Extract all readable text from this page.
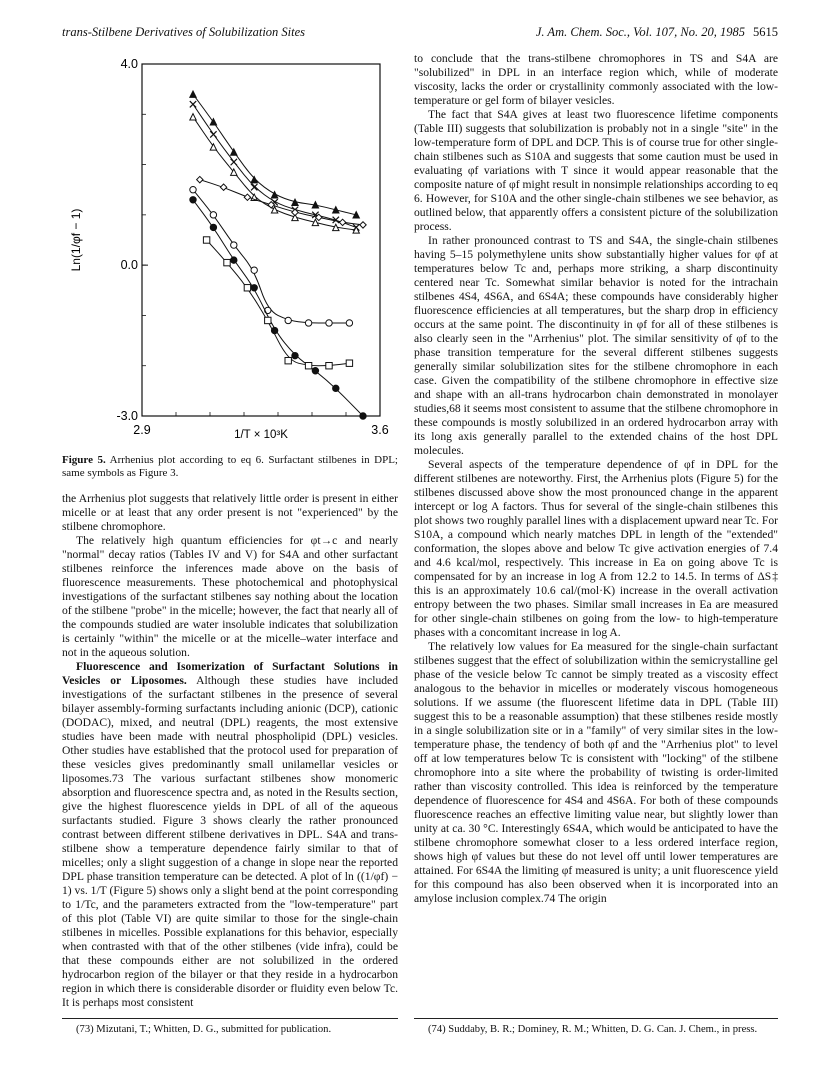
trans-Stilbene Derivatives of Solubilization Sites	J. Am. Chem. Soc., Vol. 107, No. 20, 1985 5615
4.0
0.0
-3.0
2.9	3.6
1/T × 10³K
Ln(1/φf − 1)
Figure 5. Arrhenius plot according to eq 6. Surfactant stilbenes in DPL; same symbols as Figure 3.

the Arrhenius plot suggests that relatively little order is present in either micelle or at least that any order present is not "experienced" by the stilbene chromophore.

The relatively high quantum efficiencies for φt→c and nearly "normal" decay ratios (Tables IV and V) for S4A and other surfactant stilbenes reinforce the inferences made above on the basis of fluorescence measurements. These photochemical and photophysical investigations of the surfactant stilbenes say nothing about the location of the stilbene "probe" in the micelle; however, the fact that nearly all of the compounds studied are water insoluble indicates that solubilization is certainly "within" the micelle or at the micelle–water interface and not in the aqueous solution.

Fluorescence and Isomerization of Surfactant Solutions in Vesicles or Liposomes. Although these studies have included investigations of the surfactant stilbenes in the presence of several bilayer assembly-forming surfactants including anionic (DCP), cationic (DODAC), mixed, and neutral (DPL) reagents, the most extensive studies have been made with neutral phospholipid (DPL) vesicles. Other studies have established that the protocol used for preparation of these vesicles gives predominantly small unilamellar vesicles or liposomes.73 The various surfactant stilbenes show monomeric absorption and fluorescence spectra and, as noted in the Results section, give the highest fluorescence yields in DPL of all of the aqueous surfactants studied. Figure 3 shows clearly the rather pronounced contrast between different stilbene derivatives in DPL. S4A and trans-stilbene show a temperature dependence fairly similar to that of micelles; only a slight suggestion of a change in slope near the reported DPL phase transition temperature can be detected. A plot of ln ((1/φf) − 1) vs. 1/T (Figure 5) shows only a slight bend at the point corresponding to 1/Tc, and the parameters extracted from the "low-temperature" part of this plot (Table VI) are quite similar to those for the single-chain stilbenes in micelles. Possible explanations for this behavior, especially when contrasted with that of the other stilbenes (vide infra), could be that these compounds either are not solubilized in the ordered hydrocarbon region of the bilayer or that they reside in a hydrocarbon region in which there is considerable disorder or fluidity even below Tc. It is perhaps most consistent

to conclude that the trans-stilbene chromophores in TS and S4A are "solubilized" in DPL in an interface region which, while of moderate viscosity, lacks the order or crystallinity commonly associated with the low-temperature or gel form of bilayer vesicles.

The fact that S4A gives at least two fluorescence lifetime components (Table III) suggests that solubilization is probably not in a single "site" in the low-temperature form of DPL and DCP. This is of course true for other single-chain stilbenes such as S10A and suggests that some caution must be used in evaluating φf variations with T since it would appear reasonable that the composite nature of φf might result in nonsimple relationships according to eq 6. However, for S10A and the other single-chain stilbenes we see behavior, as outlined below, that apparently offers a consistent picture of the solubilization process.

In rather pronounced contrast to TS and S4A, the single-chain stilbenes having 5–15 polymethylene units show substantially higher values for φf at temperatures below Tc and, perhaps more striking, a sharp discontinuity centered near Tc. Somewhat similar behavior is noted for the intrachain stilbenes 4S4, 4S6A, and 6S4A; these compounds have considerably higher fluorescence efficiencies at all temperatures, but the sharp drop in efficiency occurs at the same point. The discontinuity in φf for all of these stilbenes is also clearly seen in the "Arrhenius" plot. The similar sensitivity of φf to the phase transition temperature for the several different stilbenes suggests generally similar solubilization sites for the stilbene chromophore in each case. Given the compatibility of the stilbene chromophore in effective size and shape with an all-trans hydrocarbon chain demonstrated in monolayer studies,68 it seems most consistent to assume that the stilbene chromophore in these compounds is mostly solubilized in an ordered hydrocarbon array with its long axis generally parallel to the extended chains of the host DPL molecules.

Several aspects of the temperature dependence of φf in DPL for the different stilbenes are noteworthy. First, the Arrhenius plots (Figure 5) for the stilbenes discussed above show the most pronounced change in the apparent intercept or log A factors. Thus for several of the single-chain stilbenes this plot shows two roughly parallel lines with a displacement upward near Tc. For S10A, a compound which nearly matches DPL in length of the "extended" conformation, the slopes above and below Tc give activation energies of 7.4 and 4.6 kcal/mol, respectively. This increase in Ea on going above Tc is compensated for by an increase in log A from 12.2 to 14.5. In terms of ΔS‡ this is an approximately 10.6 cal/(mol·K) increase in the overall activation entropy between the two phases. Similar small increases in Ea are measured for other single-chain stilbenes on going from the low- to high-temperature phases with a concomitant increase in log A.

The relatively low values for Ea measured for the single-chain surfactant stilbenes suggest that the effect of solubilization within the semicrystalline gel phase of the vesicle below Tc cannot be simply treated as a viscosity effect analogous to the behavior in micelles or moderately viscous homogeneous solutions. If we assume (the fluorescent lifetime data in DPL (Table III) suggest this to be a reasonable assumption) that these stilbenes reside mostly in a single solubilization site or in a "family" of very similar sites in the low-temperature phase, the tendency of both φf and the "Arrhenius plot" to level off at low temperatures below Tc is consistent with "locking" of the stilbene chromophore into a site where the probability of twisting is order-limited rather than viscosity controlled. This idea is reinforced by the temperature dependence of fluorescence for 4S4 and 4S6A. For both of these compounds fluorescence reaches an effective limiting value near, but slightly lower than unity at ca. 30 °C. Interestingly 6S4A, which would be anticipated to have the stilbene chromophore somewhat closer to a less ordered interface region, shows high φf values but these do not level off until lower temperatures are attained. For 6S4A the limiting φf measured is unity; a unit fluorescence yield for this compound has also been observed when it is incorporated into an amylose inclusion complex.74 The origin

(73) Mizutani, T.; Whitten, D. G., submitted for publication.	(74) Suddaby, B. R.; Dominey, R. M.; Whitten, D. G. Can. J. Chem., in press.
